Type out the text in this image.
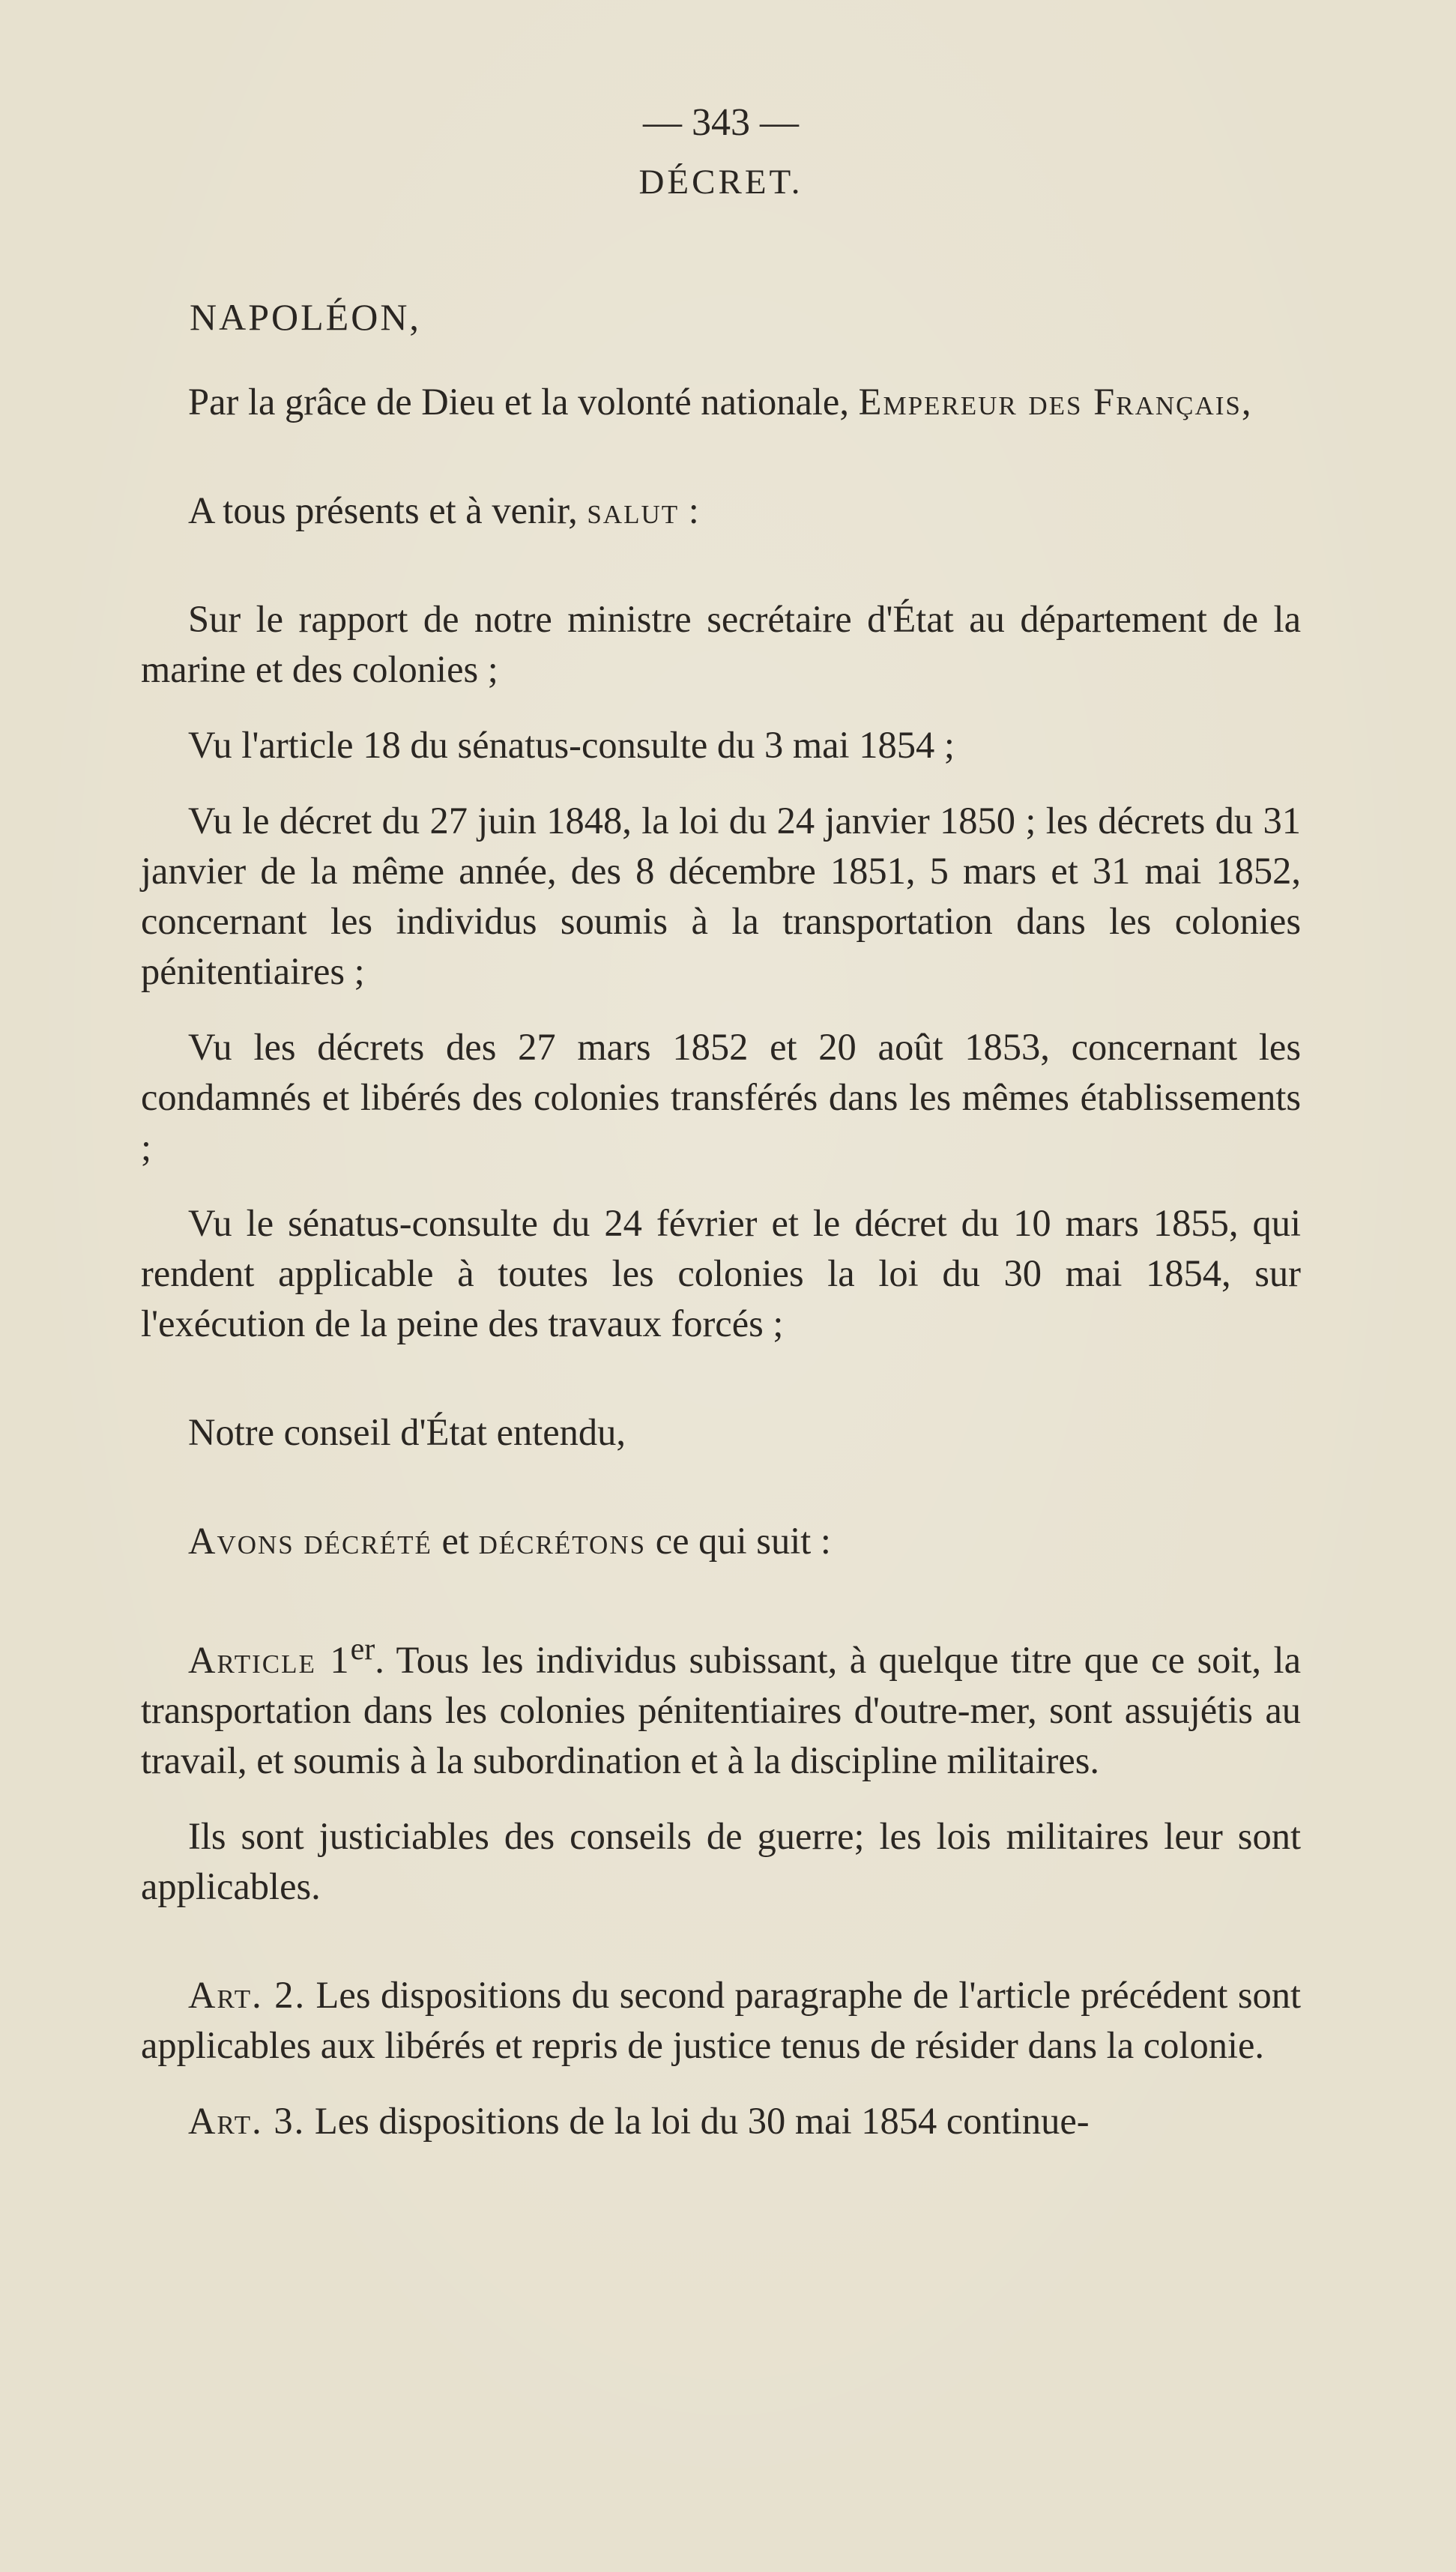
— 343 —
DÉCRET.
NAPOLÉON,

Par la grâce de Dieu et la volonté nationale, Empereur des Français,

A tous présents et à venir, salut :

Sur le rapport de notre ministre secrétaire d'État au département de la marine et des colonies ;

Vu l'article 18 du sénatus-consulte du 3 mai 1854 ;

Vu le décret du 27 juin 1848, la loi du 24 janvier 1850 ; les décrets du 31 janvier de la même année, des 8 décembre 1851, 5 mars et 31 mai 1852, concernant les individus soumis à la transportation dans les colonies pénitentiaires ;

Vu les décrets des 27 mars 1852 et 20 août 1853, concernant les condamnés et libérés des colonies transférés dans les mêmes établissements ;

Vu le sénatus-consulte du 24 février et le décret du 10 mars 1855, qui rendent applicable à toutes les colonies la loi du 30 mai 1854, sur l'exécution de la peine des travaux forcés ;

Notre conseil d'État entendu,

Avons décrété et décrétons ce qui suit :

Article 1er. Tous les individus subissant, à quelque titre que ce soit, la transportation dans les colonies pénitentiaires d'outre-mer, sont assujétis au travail, et soumis à la subordination et à la discipline militaires.

Ils sont justiciables des conseils de guerre; les lois militaires leur sont applicables.

Art. 2. Les dispositions du second paragraphe de l'article précédent sont applicables aux libérés et repris de justice tenus de résider dans la colonie.

Art. 3. Les dispositions de la loi du 30 mai 1854 continue-
